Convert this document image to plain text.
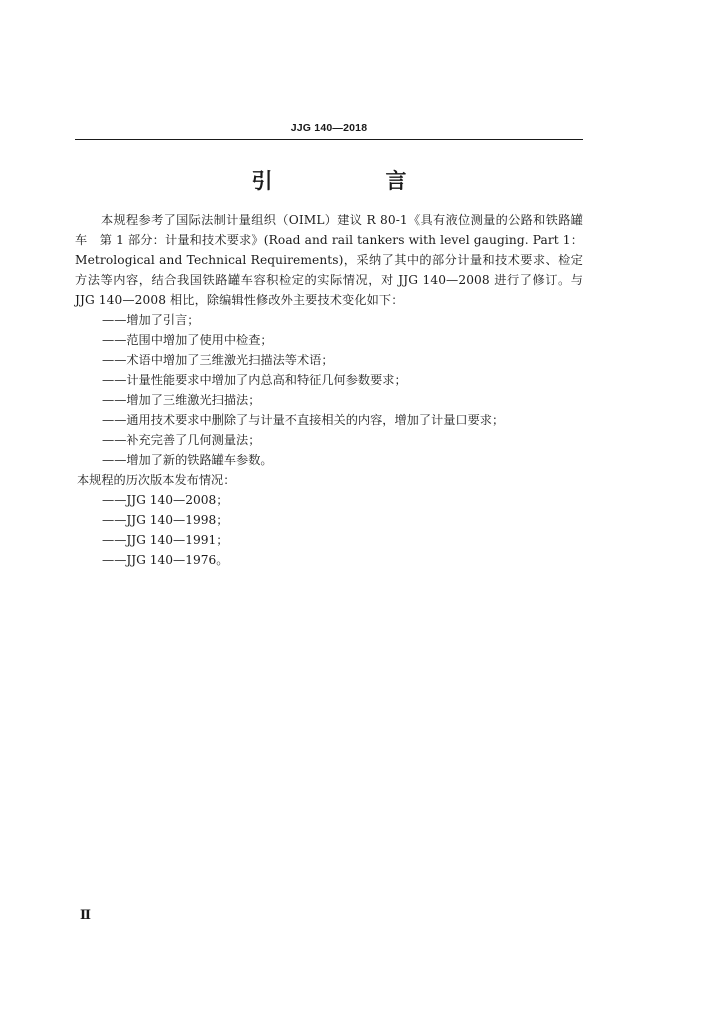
JJG 140—2018
引　言

本规程参考了国际法制计量组织（OIML）建议 R 80-1《具有液位测量的公路和铁路罐车　第 1 部分：计量和技术要求》(Road and rail tankers with level gauging. Part 1：Metrological and Technical Requirements)，采纳了其中的部分计量和技术要求、检定方法等内容，结合我国铁路罐车容积检定的实际情况，对 JJG 140—2008 进行了修订。与 JJG 140—2008 相比，除编辑性修改外主要技术变化如下：

——增加了引言；

——范围中增加了使用中检查；

——术语中增加了三维激光扫描法等术语；

——计量性能要求中增加了内总高和特征几何参数要求；

——增加了三维激光扫描法；

——通用技术要求中删除了与计量不直接相关的内容，增加了计量口要求；

——补充完善了几何测量法；

——增加了新的铁路罐车参数。

本规程的历次版本发布情况：

——JJG 140—2008；

——JJG 140—1998；

——JJG 140—1991；

——JJG 140—1976。

Ⅱ
